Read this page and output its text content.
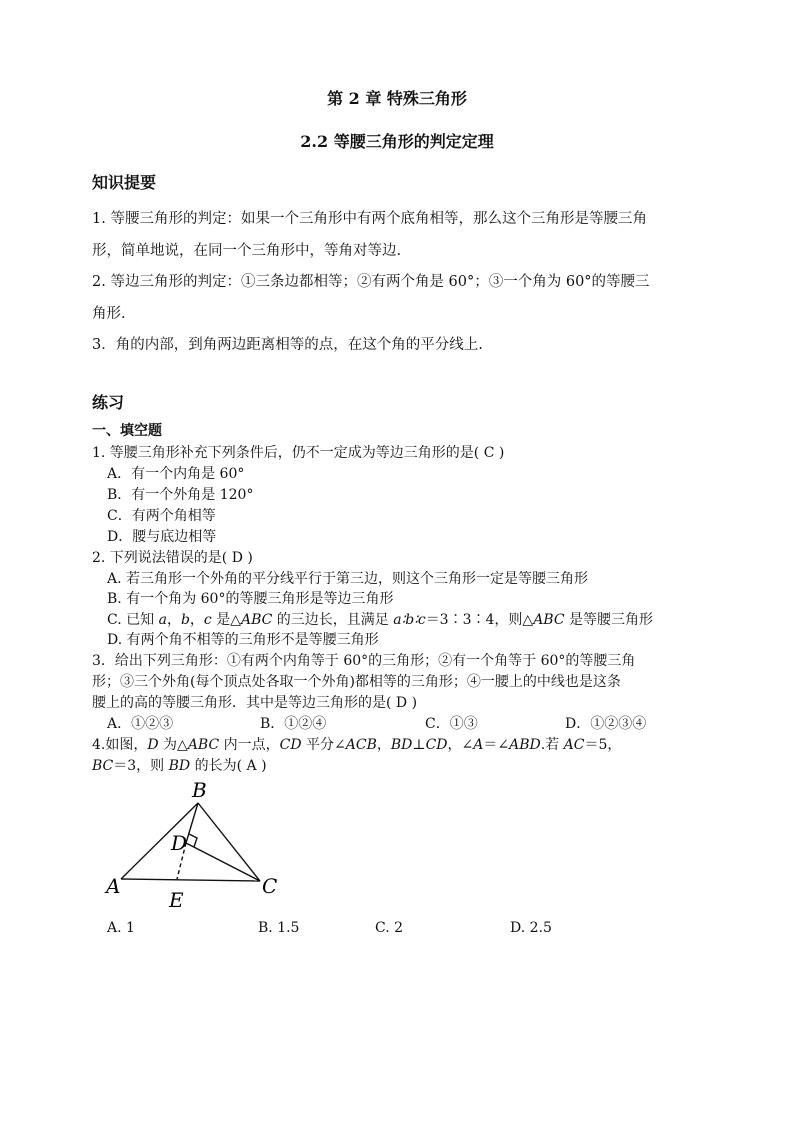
第 2 章 特殊三角形
2.2 等腰三角形的判定定理
知识提要
1. 等腰三角形的判定：如果一个三角形中有两个底角相等，那么这个三角形是等腰三角
形，简单地说，在同一个三角形中，等角对等边.
2. 等边三角形的判定：①三条边都相等；②有两个角是 60°；③一个角为 60°的等腰三
角形.
3．角的内部，到角两边距离相等的点，在这个角的平分线上.
练习
一、填空题
1. 等腰三角形补充下列条件后，仍不一定成为等边三角形的是( C )
A．有一个内角是 60°
B．有一个外角是 120°
C．有两个角相等
D．腰与底边相等
2. 下列说法错误的是( D )
A. 若三角形一个外角的平分线平行于第三边，则这个三角形一定是等腰三角形
B. 有一个角为 60°的等腰三角形是等边三角形
C. 已知 a，b，c 是△ABC 的三边长，且满足 a∶b∶c＝3∶3∶4，则△ABC 是等腰三角形
D. 有两个角不相等的三角形不是等腰三角形
3．给出下列三角形：①有两个内角等于 60°的三角形；②有一个角等于 60°的等腰三角
形；③三个外角(每个顶点处各取一个外角)都相等的三角形；④一腰上的中线也是这条
腰上的高的等腰三角形．其中是等边三角形的是( D )
A．①②③	B．①②④	C．①③	D．①②③④
4.如图，D 为△ABC 内一点，CD 平分∠ACB，BD⊥CD，∠A＝∠ABD.若 AC＝5，
BC＝3，则 BD 的长为( A )
A
B
C
D
E
A. 1	B. 1.5	C. 2	D. 2.5
